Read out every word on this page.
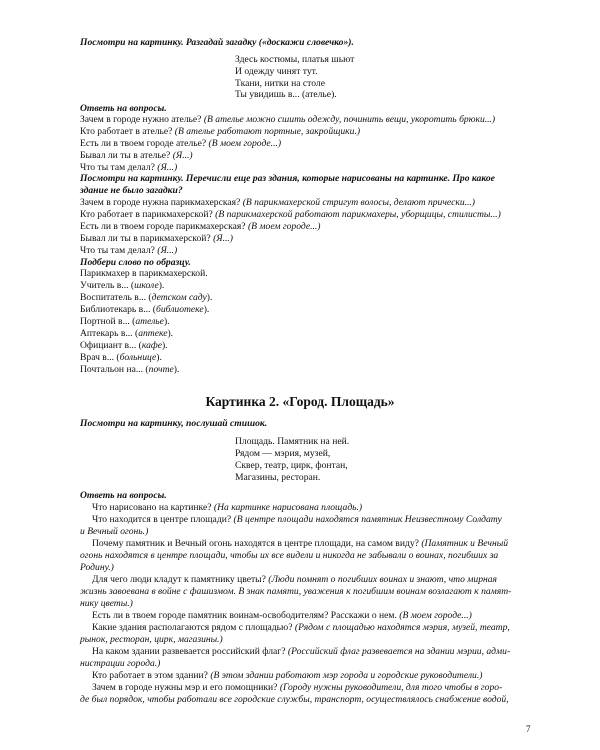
Посмотри на картинку. Разгадай загадку («доскажи словечко»).
Здесь костюмы, платья шьют
И одежду чинят тут.
Ткани, нитки на столе
Ты увидишь в... (ателье).
Ответь на вопросы.
Зачем в городе нужно ателье? (В ателье можно сшить одежду, починить вещи, укоротить брюки...)
Кто работает в ателье? (В ателье работают портные, закройщики.)
Есть ли в твоем городе ателье? (В моем городе...)
Бывал ли ты в ателье? (Я...)
Что ты там делал? (Я...)
Посмотри на картинку. Перечисли еще раз здания, которые нарисованы на картинке. Про какое
здание не было загадки?
Зачем в городе нужна парикмахерская? (В парикмахерской стригут волосы, делают прически...)
Кто работает в парикмахерской? (В парикмахерской работают парикмахеры, уборщицы, стилисты...)
Есть ли в твоем городе парикмахерская? (В моем городе...)
Бывал ли ты в парикмахерской? (Я...)
Что ты там делал? (Я...)
Подбери слово по образцу.
Парикмахер в парикмахерской.
Учитель в... (школе).
Воспитатель в... (детском саду).
Библиотекарь в... (библиотеке).
Портной в... (ателье).
Аптекарь в... (аптеке).
Официант в... (кафе).
Врач в... (больнице).
Почтальон на... (почте).
Картинка 2. «Город. Площадь»
Посмотри на картинку, послушай стишок.
Площадь. Памятник на ней.
Рядом — мэрия, музей,
Сквер, театр, цирк, фонтан,
Магазины, ресторан.
Ответь на вопросы.
Что нарисовано на картинке? (На картинке нарисована площадь.)
Что находится в центре площади? (В центре площади находятся памятник Неизвестному Солдату
и Вечный огонь.)
Почему памятник и Вечный огонь находятся в центре площади, на самом виду? (Памятник и Вечный
огонь находятся в центре площади, чтобы их все видели и никогда не забывали о воинах, погибших за
Родину.)
Для чего люди кладут к памятнику цветы? (Люди помнят о погибших воинах и знают, что мирная
жизнь завоевана в войне с фашизмом. В знак памяти, уважения к погибшим воинам возлагают к памят-
нику цветы.)
Есть ли в твоем городе памятник воинам-освободителям? Расскажи о нем. (В моем городе...)
Какие здания располагаются рядом с площадью? (Рядом с площадью находятся мэрия, музей, театр,
рынок, ресторан, цирк, магазины.)
На каком здании развевается российский флаг? (Российский флаг развевается на здании мэрии, адми-
нистрации города.)
Кто работает в этом здании? (В этом здании работают мэр города и городские руководители.)
Зачем в городе нужны мэр и его помощники? (Городу нужны руководители, для того чтобы в горо-
де был порядок, чтобы работали все городские службы, транспорт, осуществлялось снабжение водой,
7
